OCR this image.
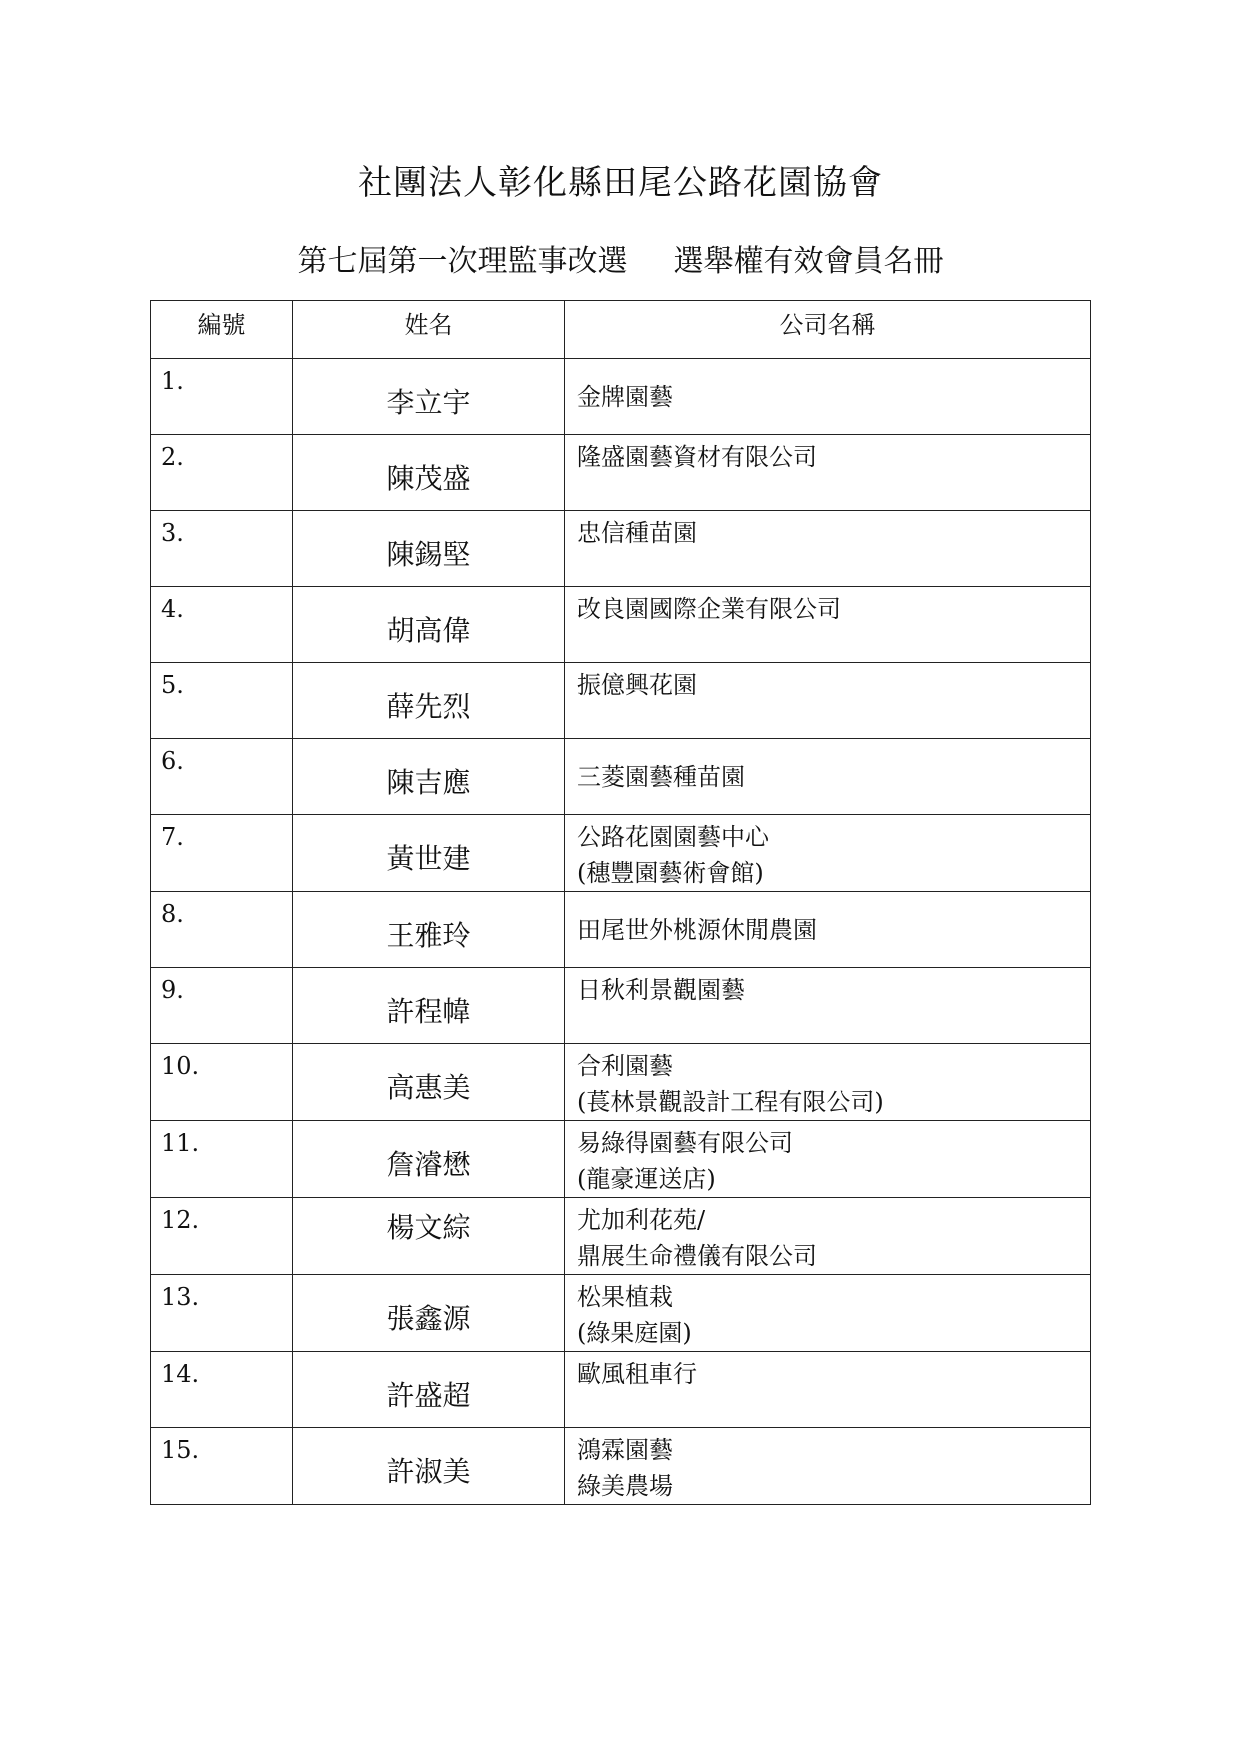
社團法人彰化縣田尾公路花園協會
第七屆第一次理監事改選 選舉權有效會員名冊
編號	姓名	公司名稱
1.	李立宇	金牌園藝

2.	陳茂盛	隆盛園藝資材有限公司

3.	陳錫堅	忠信種苗園

4.	胡高偉	改良園國際企業有限公司

5.	薛先烈	振億興花園

6.	陳吉應	三菱園藝種苗園

7.	黃世建	公路花園園藝中心
(穗豐園藝術會館)

8.	王雅玲	田尾世外桃源休閒農園

9.	許程幃	日秋利景觀園藝

10.	高惠美	合利園藝
(萇林景觀設計工程有限公司)

11.	詹濬懋	易綠得園藝有限公司
(龍豪運送店)

12.	楊文綜	尤加利花苑/
鼎展生命禮儀有限公司

13.	張鑫源	松果植栽
(綠果庭園)

14.	許盛超	歐風租車行

15.	許淑美	鴻霖園藝
綠美農場
